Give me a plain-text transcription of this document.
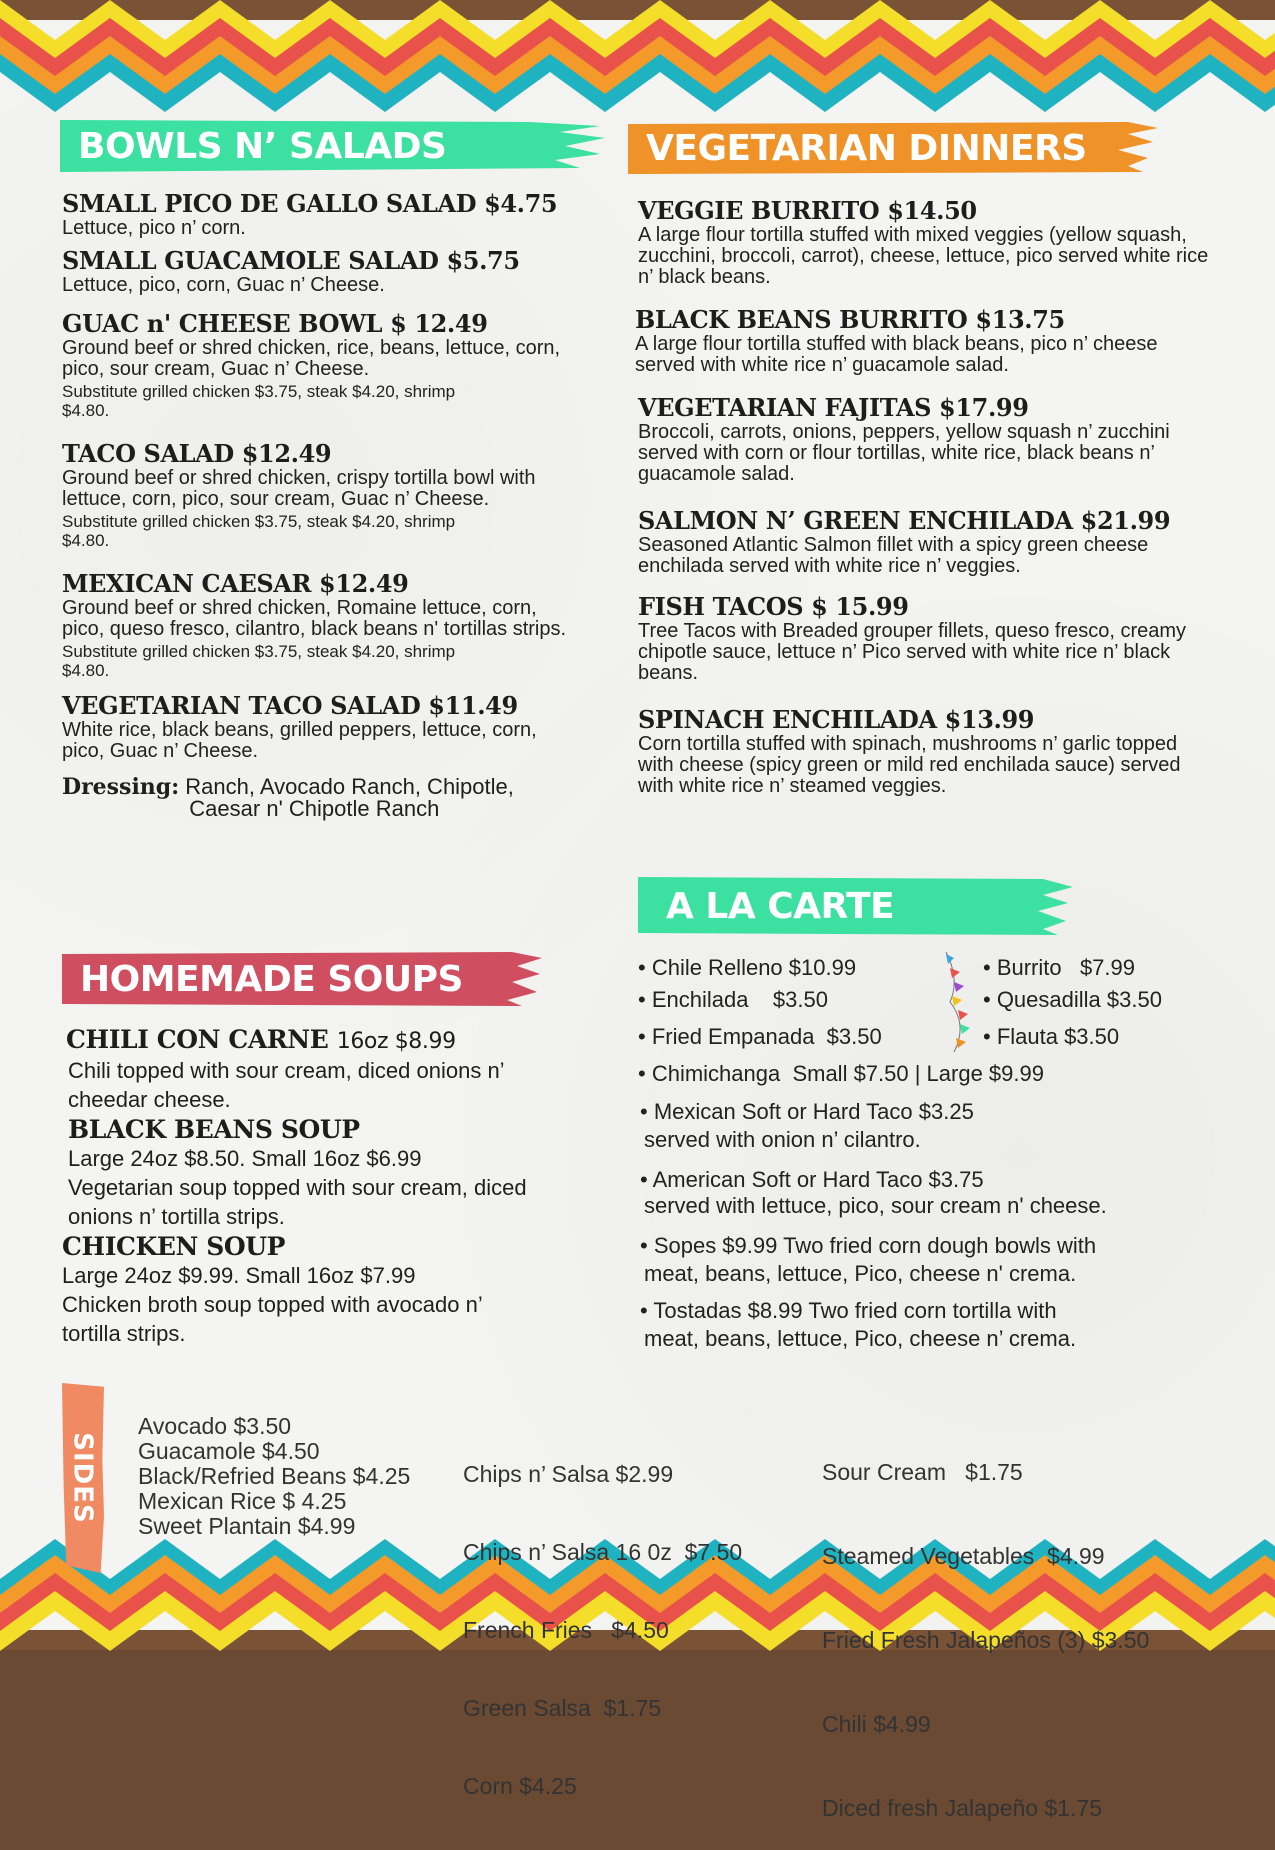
BOWLS N’ SALADS	VEGETARIAN DINNERS
SMALL PICO DE GALLO SALAD $4.75
Lettuce, pico n’ corn.
SMALL GUACAMOLE SALAD $5.75
Lettuce, pico, corn, Guac n’ Cheese.
GUAC n' CHEESE BOWL $ 12.49
Ground beef or shred chicken, rice, beans, lettuce, corn, pico, sour cream, Guac n’ Cheese.
Substitute grilled chicken $3.75, steak $4.20, shrimp $4.80.
TACO SALAD $12.49
Ground beef or shred chicken, crispy tortilla bowl with lettuce, corn, pico, sour cream, Guac n’ Cheese.
Substitute grilled chicken $3.75, steak $4.20, shrimp $4.80.
MEXICAN CAESAR $12.49
Ground beef or shred chicken, Romaine lettuce, corn, pico, queso fresco, cilantro, black beans n' tortillas strips.
Substitute grilled chicken $3.75, steak $4.20, shrimp $4.80.
VEGETARIAN TACO SALAD $11.49
White rice, black beans, grilled peppers, lettuce, corn, pico, Guac n’ Cheese.
Dressing: Ranch, Avocado Ranch, Chipotle,
Caesar n' Chipotle Ranch
HOMEMADE SOUPS
CHILI CON CARNE 16oz $8.99
Chili topped with sour cream, diced onions n’ cheedar cheese.
BLACK BEANS SOUP
Large 24oz $8.50. Small 16oz $6.99
Vegetarian soup topped with sour cream, diced onions n’ tortilla strips.
CHICKEN SOUP
Large 24oz $9.99. Small 16oz $7.99
Chicken broth soup topped with avocado n’ tortilla strips.
VEGGIE BURRITO $14.50
A large flour tortilla stuffed with mixed veggies (yellow squash, zucchini, broccoli, carrot), cheese, lettuce, pico served white rice n’ black beans.
BLACK BEANS BURRITO $13.75
A large flour tortilla stuffed with black beans, pico n’ cheese served with white rice n’ guacamole salad.
VEGETARIAN FAJITAS $17.99
Broccoli, carrots, onions, peppers, yellow squash n’ zucchini served with corn or flour tortillas, white rice, black beans n’ guacamole salad.
SALMON N’ GREEN ENCHILADA $21.99
Seasoned Atlantic Salmon fillet with a spicy green cheese enchilada served with white rice n’ veggies.
FISH TACOS $ 15.99
Tree Tacos with Breaded grouper fillets, queso fresco, creamy chipotle sauce, lettuce n’ Pico served with white rice n’ black beans.
SPINACH ENCHILADA $13.99
Corn tortilla stuffed with spinach, mushrooms n’ garlic topped with cheese (spicy green or mild red enchilada sauce) served with white rice n’ steamed veggies.
A LA CARTE
• Chile Relleno $10.99
• Enchilada    $3.50
• Fried Empanada  $3.50
• Burrito   $7.99
• Quesadilla $3.50
• Flauta $3.50
• Chimichanga  Small $7.50 | Large $9.99
• Mexican Soft or Hard Taco $3.25
served with onion n’ cilantro.
• American Soft or Hard Taco $3.75
served with lettuce, pico, sour cream n' cheese.
• Sopes $9.99 Two fried corn dough bowls with
meat, beans, lettuce, Pico, cheese n' crema.
• Tostadas $8.99 Two fried corn tortilla with
meat, beans, lettuce, Pico, cheese n’ crema.
SIDES
Avocado $3.50
Guacamole $4.50
Black/Refried Beans $4.25
Mexican Rice $ 4.25
Sweet Plantain $4.99

Chips n’ Salsa $2.99

Chips n’ Salsa 16 0z  $7.50

French Fries   $4.50

Green Salsa  $1.75

Corn $4.25

Sour Cream   $1.75

Steamed Vegetables  $4.99

Fried Fresh Jalapeños (3) $3.50

Chili $4.99

Diced fresh Jalapeño $1.75
